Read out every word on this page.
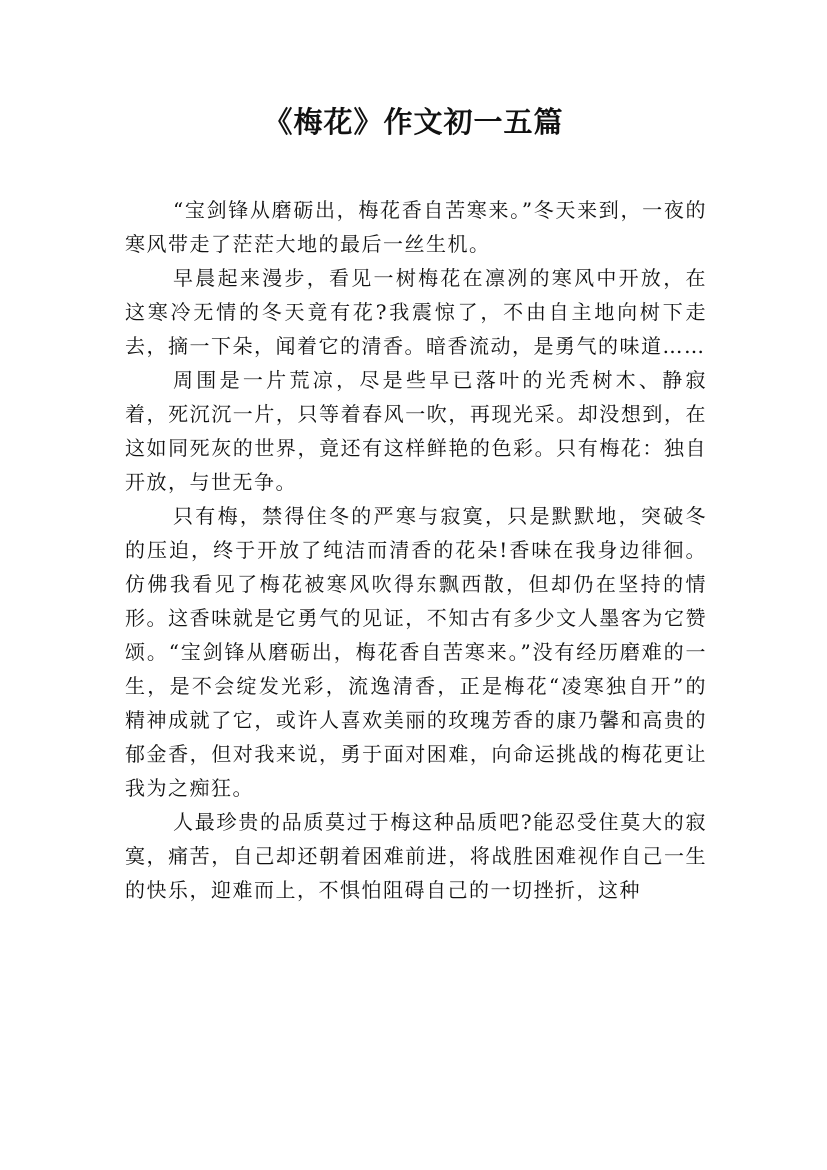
《梅花》作文初一五篇

“宝剑锋从磨砺出，梅花香自苦寒来。”冬天来到，一夜的寒风带走了茫茫大地的最后一丝生机。

早晨起来漫步，看见一树梅花在凛冽的寒风中开放，在这寒冷无情的冬天竟有花?我震惊了，不由自主地向树下走去，摘一下朵，闻着它的清香。暗香流动，是勇气的味道……

周围是一片荒凉，尽是些早已落叶的光秃树木、静寂着，死沉沉一片，只等着春风一吹，再现光采。却没想到，在这如同死灰的世界，竟还有这样鲜艳的色彩。只有梅花：独自开放，与世无争。

只有梅，禁得住冬的严寒与寂寞，只是默默地，突破冬的压迫，终于开放了纯洁而清香的花朵!香味在我身边徘徊。仿佛我看见了梅花被寒风吹得东飘西散，但却仍在坚持的情形。这香味就是它勇气的见证，不知古有多少文人墨客为它赞颂。“宝剑锋从磨砺出，梅花香自苦寒来。”没有经历磨难的一生，是不会绽发光彩，流逸清香，正是梅花“凌寒独自开”的精神成就了它，或许人喜欢美丽的玫瑰芳香的康乃馨和高贵的郁金香，但对我来说，勇于面对困难，向命运挑战的梅花更让我为之痴狂。

人最珍贵的品质莫过于梅这种品质吧?能忍受住莫大的寂寞，痛苦，自己却还朝着困难前进，将战胜困难视作自己一生的快乐，迎难而上，不惧怕阻碍自己的一切挫折，这种
